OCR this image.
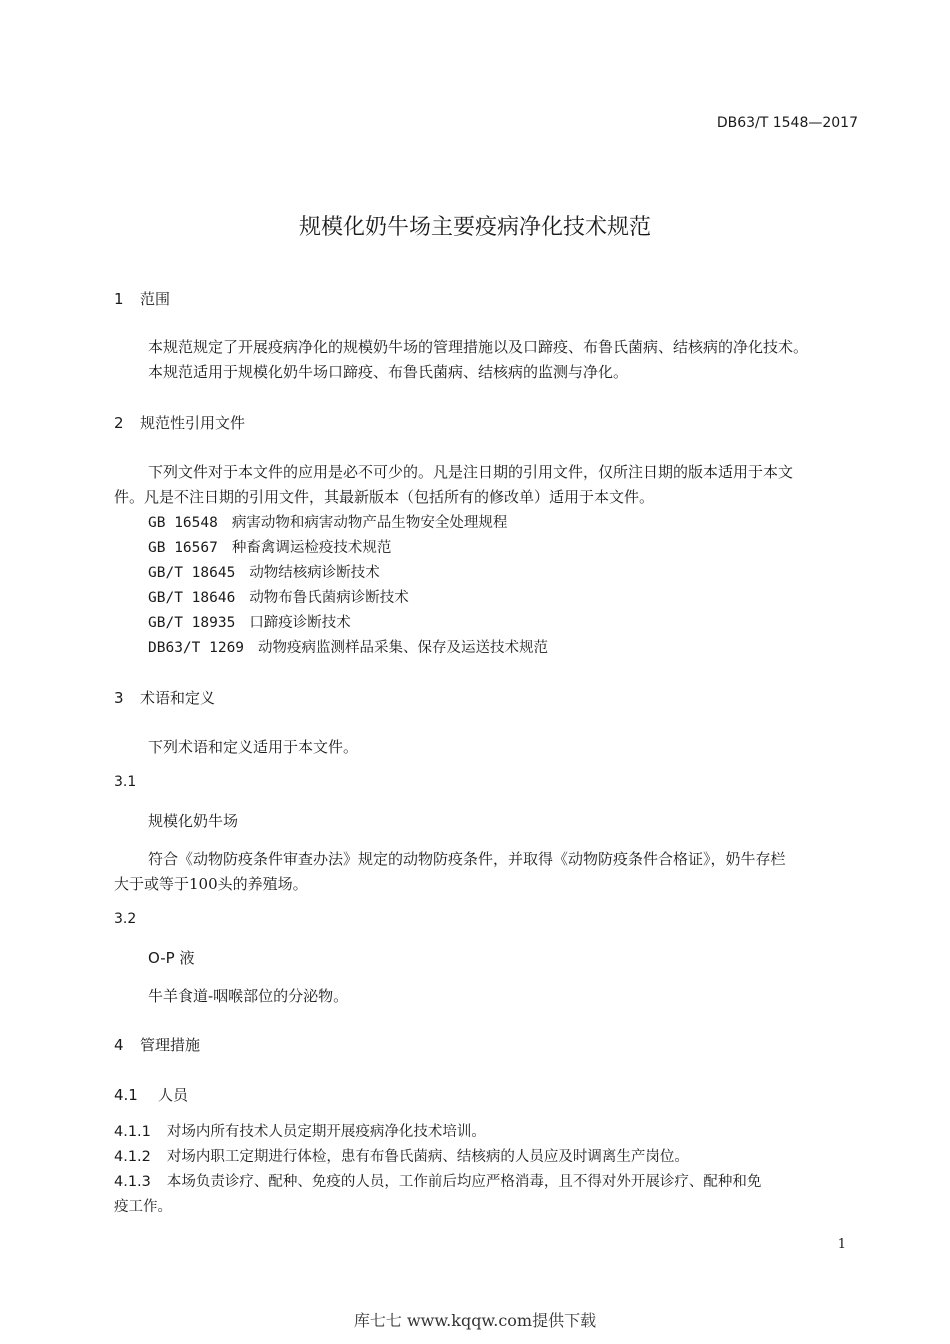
DB63/T 1548—2017
规模化奶牛场主要疫病净化技术规范
1 范围
本规范规定了开展疫病净化的规模奶牛场的管理措施以及口蹄疫、布鲁氏菌病、结核病的净化技术。
本规范适用于规模化奶牛场口蹄疫、布鲁氏菌病、结核病的监测与净化。
2 规范性引用文件
下列文件对于本文件的应用是必不可少的。凡是注日期的引用文件，仅所注日期的版本适用于本文
件。凡是不注日期的引用文件，其最新版本（包括所有的修改单）适用于本文件。
GB 16548 病害动物和病害动物产品生物安全处理规程
GB 16567 种畜禽调运检疫技术规范
GB/T 18645 动物结核病诊断技术
GB/T 18646 动物布鲁氏菌病诊断技术
GB/T 18935 口蹄疫诊断技术
DB63/T 1269 动物疫病监测样品采集、保存及运送技术规范
3 术语和定义
下列术语和定义适用于本文件。
3.1
规模化奶牛场
符合《动物防疫条件审查办法》规定的动物防疫条件，并取得《动物防疫条件合格证》，奶牛存栏
大于或等于100头的养殖场。
3.2
O-P 液
牛羊食道-咽喉部位的分泌物。
4 管理措施
4.1 人员
4.1.1 对场内所有技术人员定期开展疫病净化技术培训。
4.1.2 对场内职工定期进行体检，患有布鲁氏菌病、结核病的人员应及时调离生产岗位。
4.1.3 本场负责诊疗、配种、免疫的人员，工作前后均应严格消毒，且不得对外开展诊疗、配种和免
疫工作。
1
库七七 www.kqqw.com提供下载
